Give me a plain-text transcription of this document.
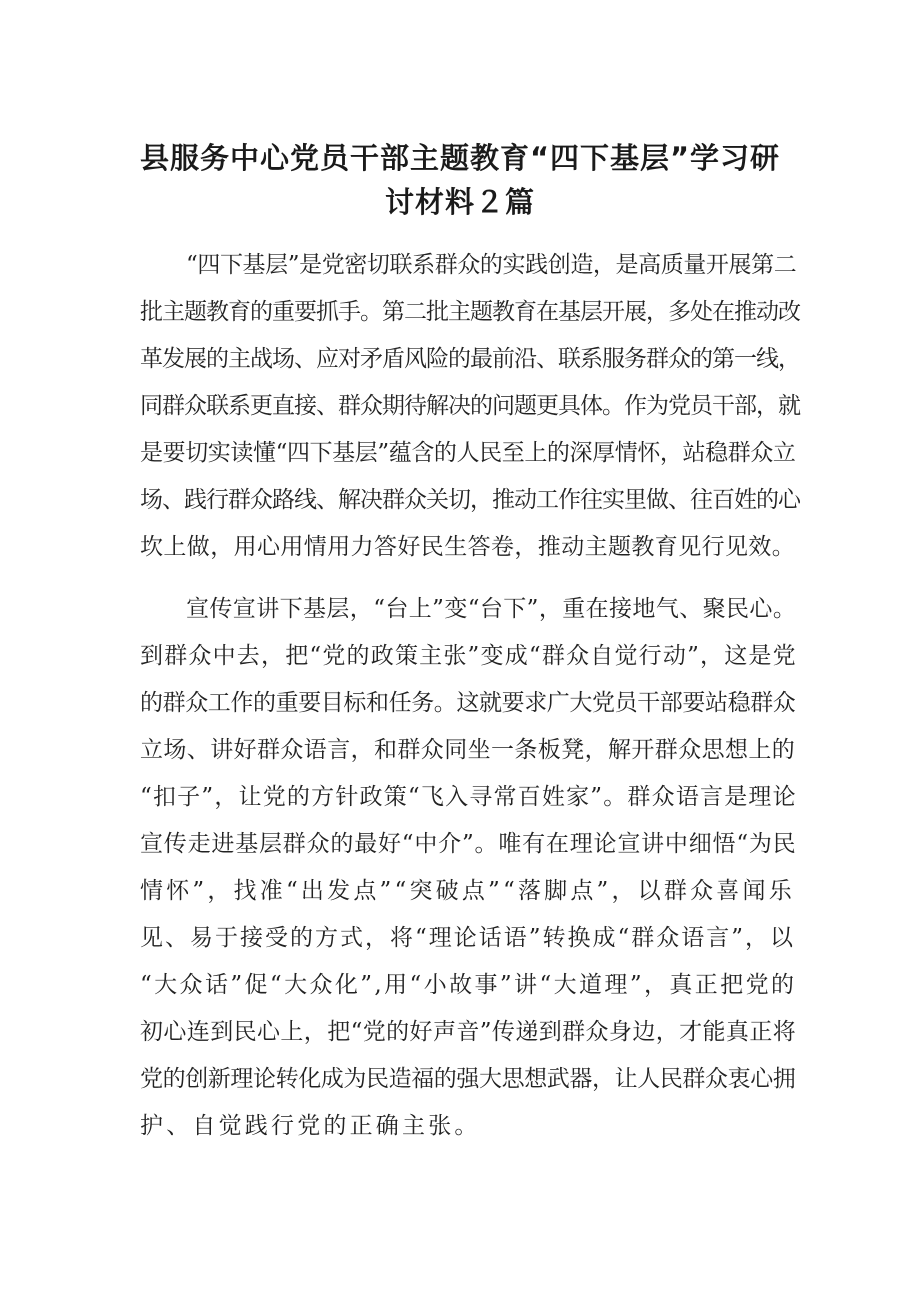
县服务中心党员干部主题教育“四下基层”学习研
讨材料２篇
“四下基层”是党密切联系群众的实践创造，是高质量开展第二
批主题教育的重要抓手。第二批主题教育在基层开展，多处在推动改
革发展的主战场、应对矛盾风险的最前沿、联系服务群众的第一线，
同群众联系更直接、群众期待解决的问题更具体。作为党员干部，就
是要切实读懂“四下基层”蕴含的人民至上的深厚情怀，站稳群众立
场、践行群众路线、解决群众关切，推动工作往实里做、往百姓的心
坎上做，用心用情用力答好民生答卷，推动主题教育见行见效。
宣传宣讲下基层，“台上”变“台下”，重在接地气、聚民心。
到群众中去，把“党的政策主张”变成“群众自觉行动”，这是党
的群众工作的重要目标和任务。这就要求广大党员干部要站稳群众
立场、讲好群众语言，和群众同坐一条板凳，解开群众思想上的
“扣子”，让党的方针政策“飞入寻常百姓家”。群众语言是理论
宣传走进基层群众的最好“中介”。唯有在理论宣讲中细悟“为民
情怀”，找准“出发点”“突破点”“落脚点”，以群众喜闻乐
见、易于接受的方式，将“理论话语”转换成“群众语言”，以
“大众话”促“大众化”,用“小故事”讲“大道理”，真正把党的
初心连到民心上，把“党的好声音”传递到群众身边，才能真正将
党的创新理论转化成为民造福的强大思想武器，让人民群众衷心拥
护、自觉践行党的正确主张。
